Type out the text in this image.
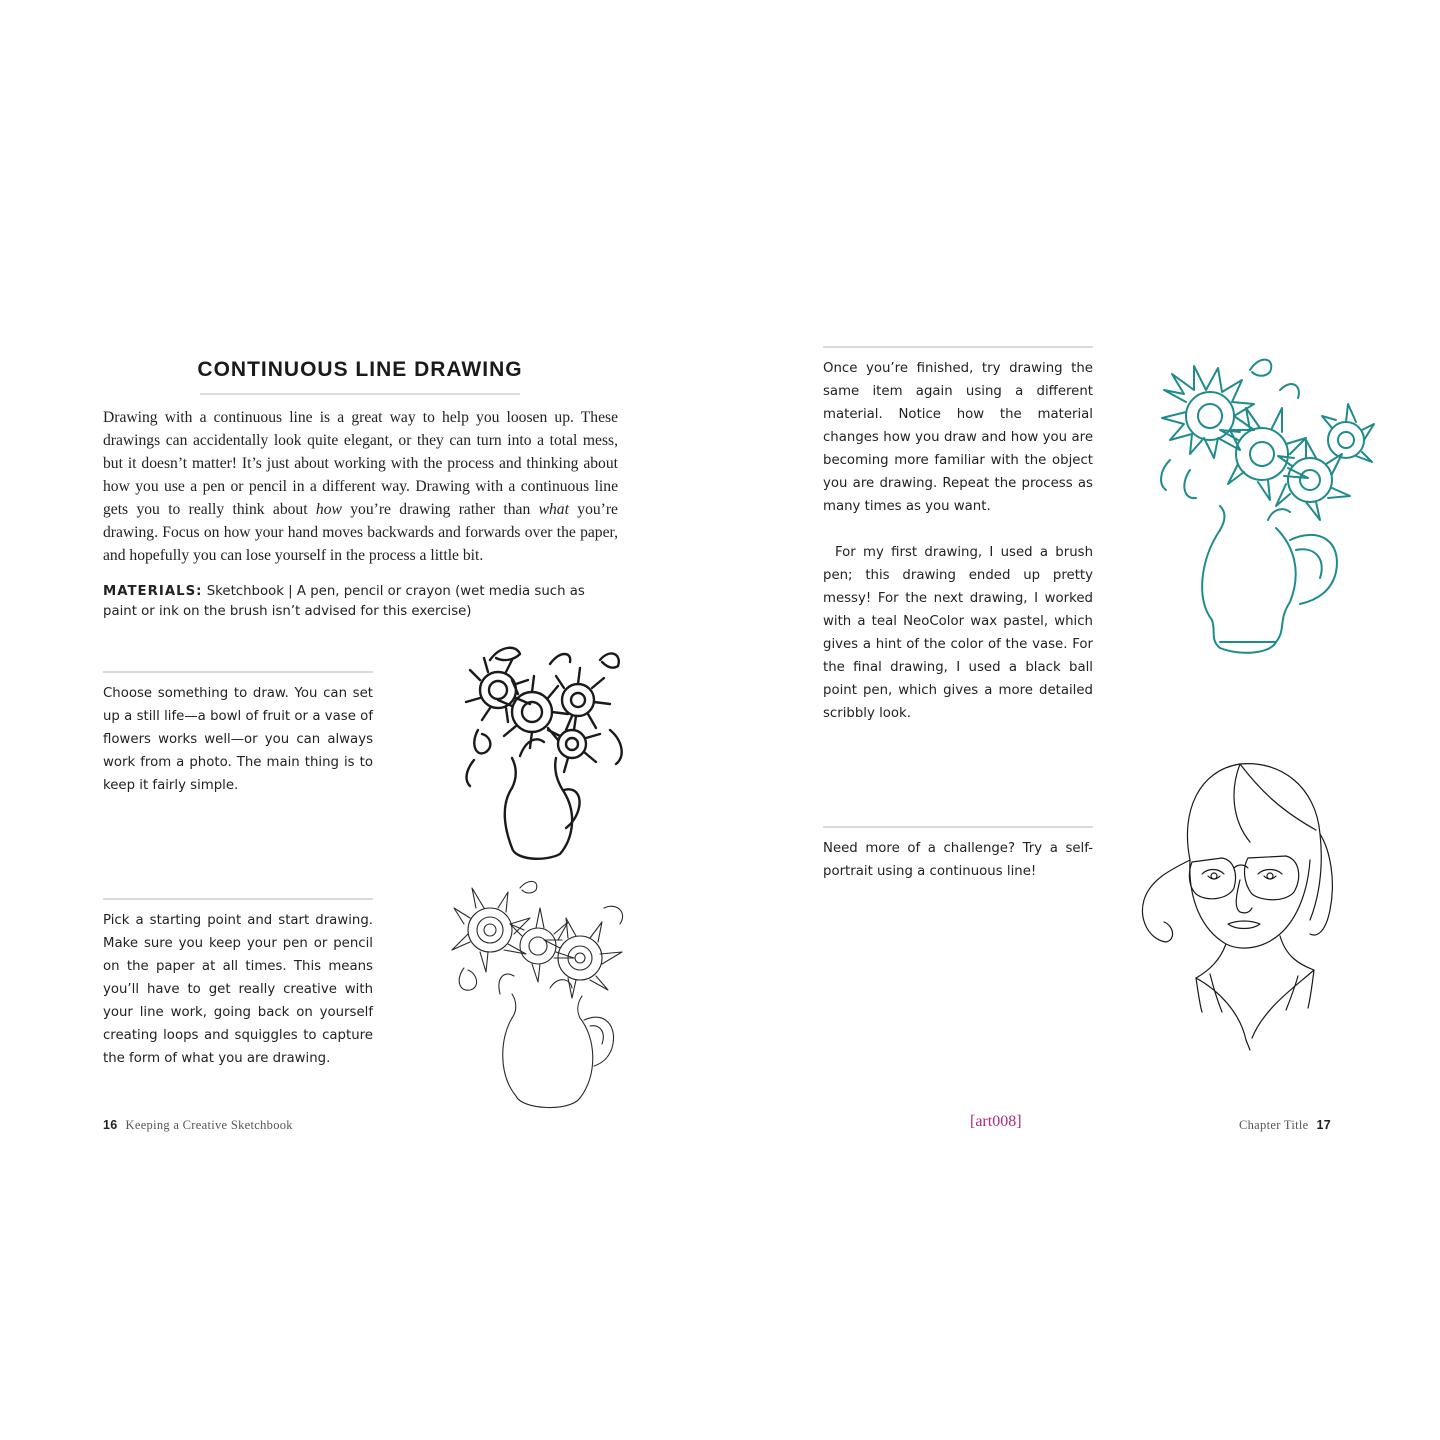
CONTINUOUS LINE DRAWING
Drawing with a continuous line is a great way to help you loosen up. These drawings can accidentally look quite elegant, or they can turn into a total mess, but it doesn’t matter! It’s just about working with the process and thinking about how you use a pen or pencil in a different way. Drawing with a continuous line gets you to really think about how you’re drawing rather than what you’re drawing. Focus on how your hand moves backwards and forwards over the paper, and hopefully you can lose yourself in the process a little bit.
MATERIALS: Sketchbook | A pen, pencil or crayon (wet media such as paint or ink on the brush isn’t advised for this exercise)
Choose something to draw. You can set up a still life—a bowl of fruit or a vase of flowers works well—or you can always work from a photo. The main thing is to keep it fairly simple.
Pick a starting point and start drawing. Make sure you keep your pen or pencil on the paper at all times. This means you’ll have to get really creative with your line work, going back on yourself creating loops and squiggles to capture the form of what you are drawing.
16 Keeping a Creative Sketchbook	[art008]

Once you’re finished, try drawing the same item again using a different material. Notice how the material changes how you draw and how you are becoming more familiar with the object you are drawing. Repeat the process as many times as you want.

For my first drawing, I used a brush pen; this drawing ended up pretty messy! For the next drawing, I worked with a teal NeoColor wax pastel, which gives a hint of the color of the vase. For the final drawing, I used a black ball point pen, which gives a more detailed scribbly look.

Need more of a challenge? Try a self-portrait using a continuous line!
Chapter Title 17
